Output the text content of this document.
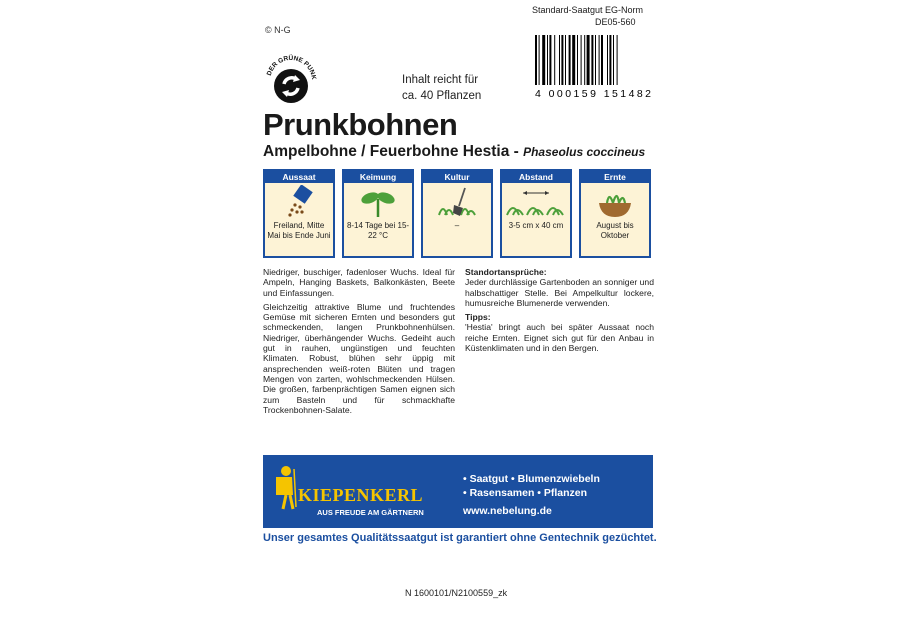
© N-G
Standard-Saatgut EG-Norm
DE05-560
DER GRÜNE PUNK	Inhalt reicht für
ca. 40 Pflanzen	4 000159 151482
Prunkbohnen
Ampelbohne / Feuerbohne Hestia - Phaseolus coccineus
Aussaat
Freiland, Mitte Mai bis Ende Juni
Keimung
8-14 Tage bei 15-22 °C
Kultur
–
Abstand
3-5 cm x 40 cm
Ernte
August bis Oktober

Niedriger, buschiger, fadenloser Wuchs. Ideal für Ampeln, Hanging Baskets, Balkonkästen, Beete und Einfassungen.

Gleichzeitig attraktive Blume und fruchtendes Gemüse mit sicheren Ernten und besonders gut schmeckenden, langen Prunkbohnenhülsen. Niedriger, überhängender Wuchs. Gedeiht auch gut in rauhen, ungünstigen und feuchten Klimaten. Robust, blühen sehr üppig mit ansprechenden weiß-roten Blüten und tragen Mengen von zarten, wohlschmeckenden Hülsen. Die großen, farbenprächtigen Samen eignen sich zum Basteln und für schmackhafte Trockenbohnen-Salate.

Standortansprüche:

Jeder durchlässige Gartenboden an sonniger und halbschattiger Stelle. Bei Ampelkultur lockere, humusreiche Blumenerde verwenden.

Tipps:

'Hestia' bringt auch bei später Aussaat noch reiche Ernten. Eignet sich gut für den Anbau in Küstenklimaten und in den Bergen.

KIEPENKERL
AUS FREUDE AM GÄRTNERN
• Saatgut • Blumenzwiebeln
• Rasensamen • Pflanzen
www.nebelung.de
Unser gesamtes Qualitätssaatgut ist garantiert ohne Gentechnik gezüchtet.
N 1600101/N2100559_zk
